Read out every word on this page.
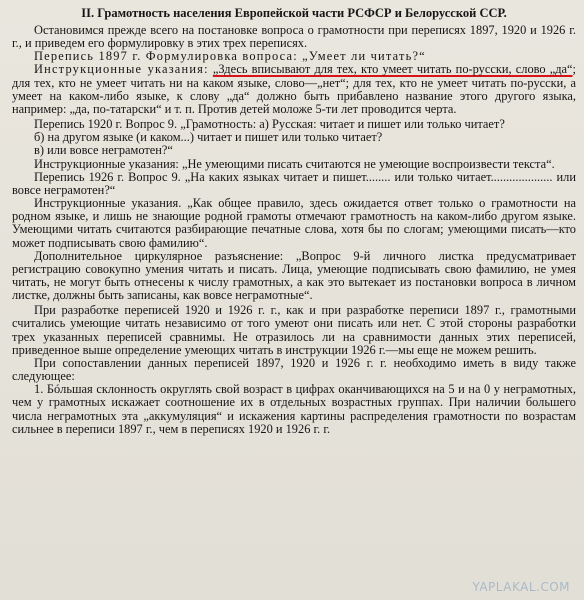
II. Грамотность населения Европейской части РСФСР и Белорусской ССР.

Остановимся прежде всего на постановке вопроса о грамотности при переписях 1897, 1920 и 1926 г. г., и приведем его формулировку в этих трех переписях.

Перепись 1897 г. Формулировка вопроса: „Умеет ли читать?“

Инструкционные указания: „Здесь вписывают для тех, кто умеет читать по-русски, слово „да“; для тех, кто не умеет читать ни на каком языке, слово—„нет“; для тех, кто не умеет читать по-русски, а умеет на каком-либо языке, к слову „да“ должно быть прибавлено название этого другого языка, например: „да, по-татарски“ и т. п. Против детей моложе 5-ти лет проводится черта.

Перепись 1920 г. Вопрос 9. „Грамотность: а) Русская: читает и пишет или только читает?

б) на другом языке (и каком...) читает и пишет или только читает?

в) или вовсе неграмотен?“

Инструкционные указания: „Не умеющими писать считаются не умеющие воспроизвести текста“.

Перепись 1926 г. Вопрос 9. „На каких языках читает и пишет........ или только читает.................... или вовсе неграмотен?“

Инструкционные указания. „Как общее правило, здесь ожидается ответ только о грамотности на родном языке, и лишь не знающие родной грамоты отмечают грамотность на каком-либо другом языке. Умеющими читать считаются разбирающие печатные слова, хотя бы по слогам; умеющими писать—кто может подписывать свою фамилию“.

Дополнительное циркулярное разъяснение: „Вопрос 9-й личного листка предусматривает регистрацию совокупно умения читать и писать. Лица, умеющие подписывать свою фамилию, не умея читать, не могут быть отнесены к числу грамотных, а как это вытекает из постановки вопроса в личном листке, должны быть записаны, как вовсе неграмотные“.

При разработке переписей 1920 и 1926 г. г., как и при разработке переписи 1897 г., грамотными считались умеющие читать независимо от того умеют они писать или нет. С этой стороны разработки трех указанных переписей сравнимы. Не отразилось ли на сравнимости данных этих переписей, приведенное выше определение умеющих читать в инструкции 1926 г.—мы еще не можем решить.

При сопоставлении данных переписей 1897, 1920 и 1926 г. г. необходимо иметь в виду также следующее:

1. Бóльшая склонность округлять свой возраст в цифрах оканчивающихся на 5 и на 0 у неграмотных, чем у грамотных искажает соотношение их в отдельных возрастных группах. При наличии большего числа неграмотных эта „аккумуляция“ и искажения картины распределения грамотности по возрастам сильнее в переписи 1897 г., чем в переписях 1920 и 1926 г. г.

YAPLAKAL.COM
